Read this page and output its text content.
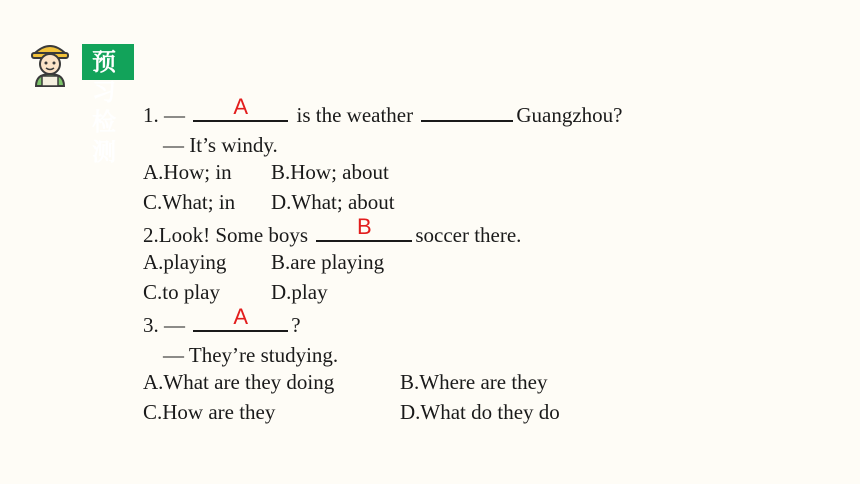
预习检测
1. —	A	is the weather	Guangzhou?
— It’s windy.
A.How; in B.How; about
C.What; in D.What; about
2.Look! Some boys	B	soccer there.
A.playing B.are playing
C.to play D.play
3. —	A	?
— They’re studying.
A.What are they doing	B.Where are they
C.How are they	D.What do they do
